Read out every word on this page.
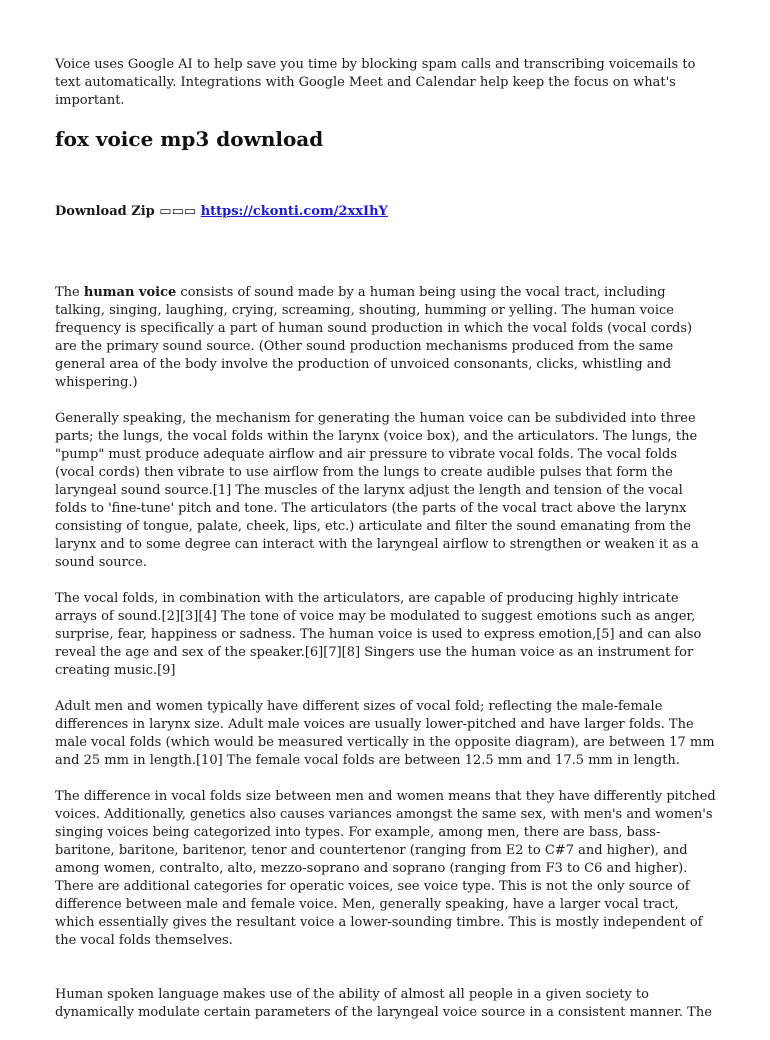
Voice uses Google AI to help save you time by blocking spam calls and transcribing voicemails to text automatically. Integrations with Google Meet and Calendar help keep the focus on what's important.

fox voice mp3 download
Download Zip ▭▭▭ https://ckonti.com/2xxIhY

The human voice consists of sound made by a human being using the vocal tract, including talking, singing, laughing, crying, screaming, shouting, humming or yelling. The human voice frequency is specifically a part of human sound production in which the vocal folds (vocal cords) are the primary sound source. (Other sound production mechanisms produced from the same general area of the body involve the production of unvoiced consonants, clicks, whistling and whispering.)

Generally speaking, the mechanism for generating the human voice can be subdivided into three parts; the lungs, the vocal folds within the larynx (voice box), and the articulators. The lungs, the "pump" must produce adequate airflow and air pressure to vibrate vocal folds. The vocal folds (vocal cords) then vibrate to use airflow from the lungs to create audible pulses that form the laryngeal sound source.[1] The muscles of the larynx adjust the length and tension of the vocal folds to 'fine-tune' pitch and tone. The articulators (the parts of the vocal tract above the larynx consisting of tongue, palate, cheek, lips, etc.) articulate and filter the sound emanating from the larynx and to some degree can interact with the laryngeal airflow to strengthen or weaken it as a sound source.

The vocal folds, in combination with the articulators, are capable of producing highly intricate arrays of sound.[2][3][4] The tone of voice may be modulated to suggest emotions such as anger, surprise, fear, happiness or sadness. The human voice is used to express emotion,[5] and can also reveal the age and sex of the speaker.[6][7][8] Singers use the human voice as an instrument for creating music.[9]

Adult men and women typically have different sizes of vocal fold; reflecting the male-female differences in larynx size. Adult male voices are usually lower-pitched and have larger folds. The male vocal folds (which would be measured vertically in the opposite diagram), are between 17 mm and 25 mm in length.[10] The female vocal folds are between 12.5 mm and 17.5 mm in length.

The difference in vocal folds size between men and women means that they have differently pitched voices. Additionally, genetics also causes variances amongst the same sex, with men's and women's singing voices being categorized into types. For example, among men, there are bass, bass-baritone, baritone, baritenor, tenor and countertenor (ranging from E2 to C#7 and higher), and among women, contralto, alto, mezzo-soprano and soprano (ranging from F3 to C6 and higher). There are additional categories for operatic voices, see voice type. This is not the only source of difference between male and female voice. Men, generally speaking, have a larger vocal tract, which essentially gives the resultant voice a lower-sounding timbre. This is mostly independent of the vocal folds themselves.

Human spoken language makes use of the ability of almost all people in a given society to dynamically modulate certain parameters of the laryngeal voice source in a consistent manner. The
